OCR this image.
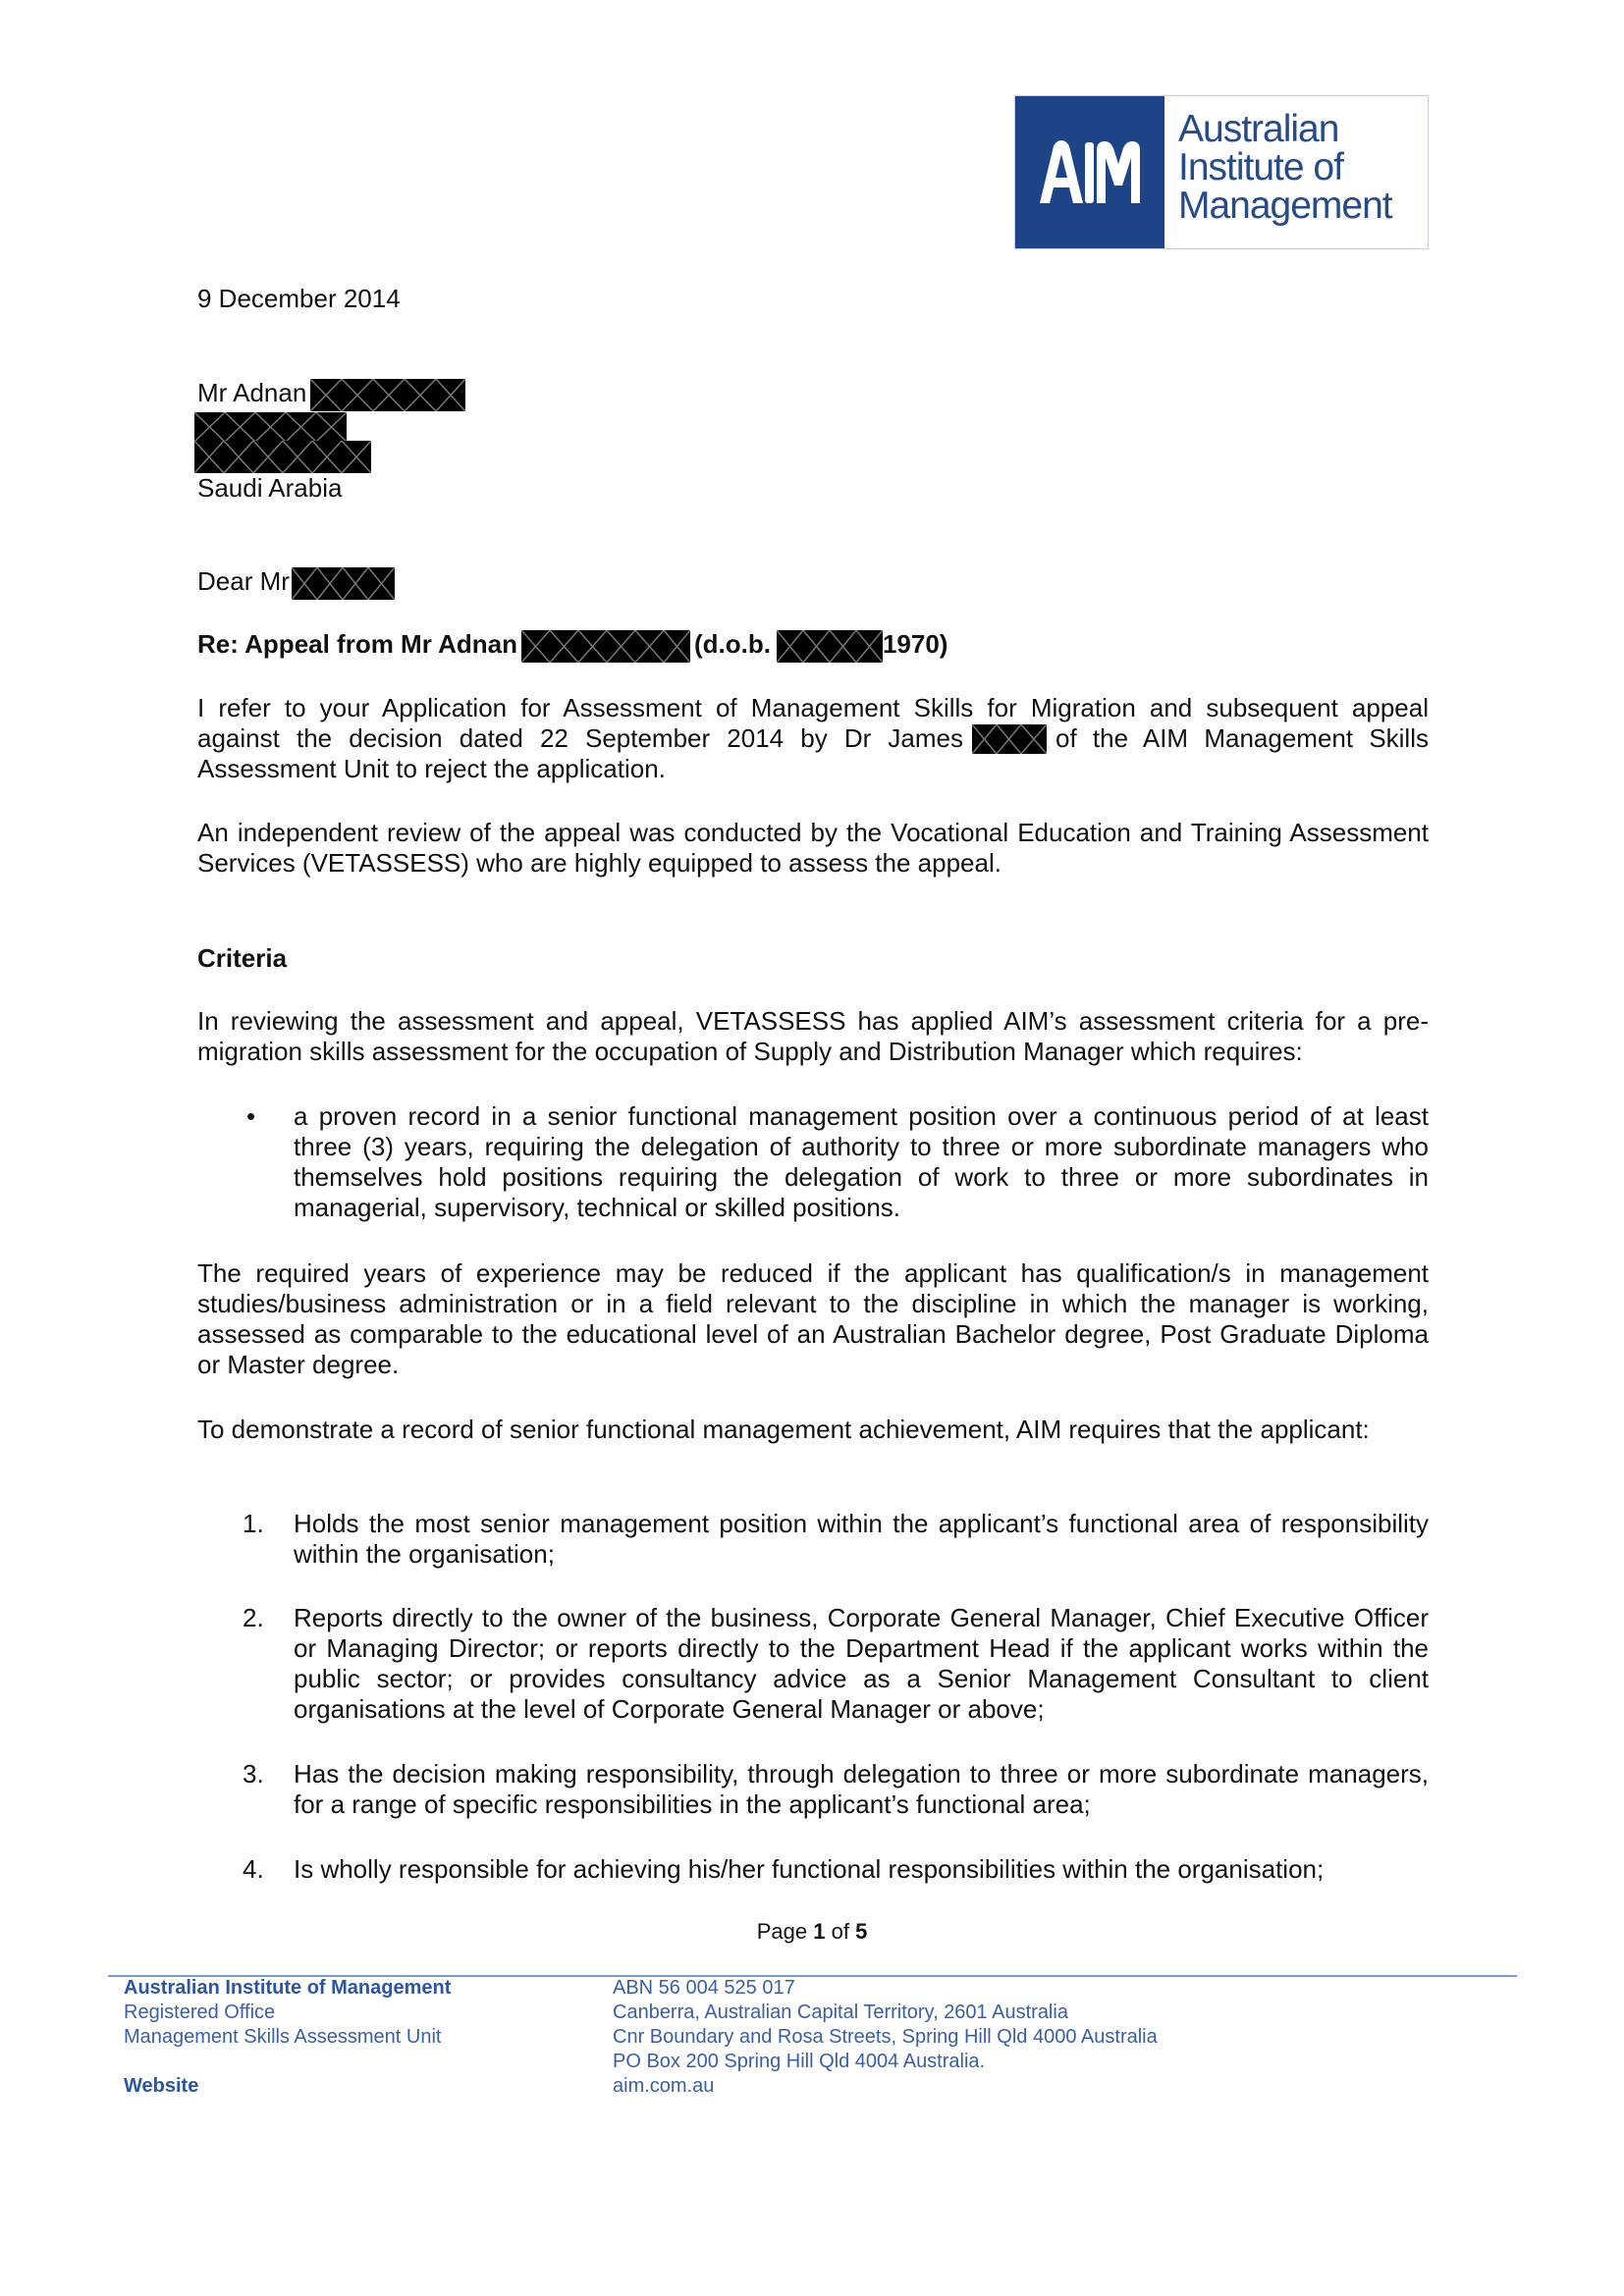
Australian
Institute of
Management
9 December 2014
Mr Adnan
Saudi Arabia
Dear Mr
Re: Appeal from Mr Adnan	(d.o.b.	1970)
I refer to your Application for Assessment of Management Skills for Migration and subsequent appeal
against the decision dated 22 September 2014 by Dr James	of the AIM Management Skills
Assessment Unit to reject the application.

An independent review of the appeal was conducted by the Vocational Education and Training Assessment Services (VETASSESS) who are highly equipped to assess the appeal.

Criteria

In reviewing the assessment and appeal, VETASSESS has applied AIM’s assessment criteria for a pre-migration skills assessment for the occupation of Supply and Distribution Manager which requires:

• a proven record in a senior functional management position over a continuous period of at least three (3) years, requiring the delegation of authority to three or more subordinate managers who themselves hold positions requiring the delegation of work to three or more subordinates in managerial, supervisory, technical or skilled positions.

The required years of experience may be reduced if the applicant has qualification/s in management studies/business administration or in a field relevant to the discipline in which the manager is working, assessed as comparable to the educational level of an Australian Bachelor degree, Post Graduate Diploma or Master degree.

To demonstrate a record of senior functional management achievement, AIM requires that the applicant:

1. Holds the most senior management position within the applicant’s functional area of responsibility within the organisation;
2. Reports directly to the owner of the business, Corporate General Manager, Chief Executive Officer or Managing Director; or reports directly to the Department Head if the applicant works within the public sector; or provides consultancy advice as a Senior Management Consultant to client organisations at the level of Corporate General Manager or above;
3. Has the decision making responsibility, through delegation to three or more subordinate managers, for a range of specific responsibilities in the applicant’s functional area;
4. Is wholly responsible for achieving his/her functional responsibilities within the organisation;
Page 1 of 5
Australian Institute of Management
Registered Office
Management Skills Assessment Unit
Website
ABN 56 004 525 017
Canberra, Australian Capital Territory, 2601 Australia
Cnr Boundary and Rosa Streets, Spring Hill Qld 4000 Australia
PO Box 200 Spring Hill Qld 4004 Australia.
aim.com.au
